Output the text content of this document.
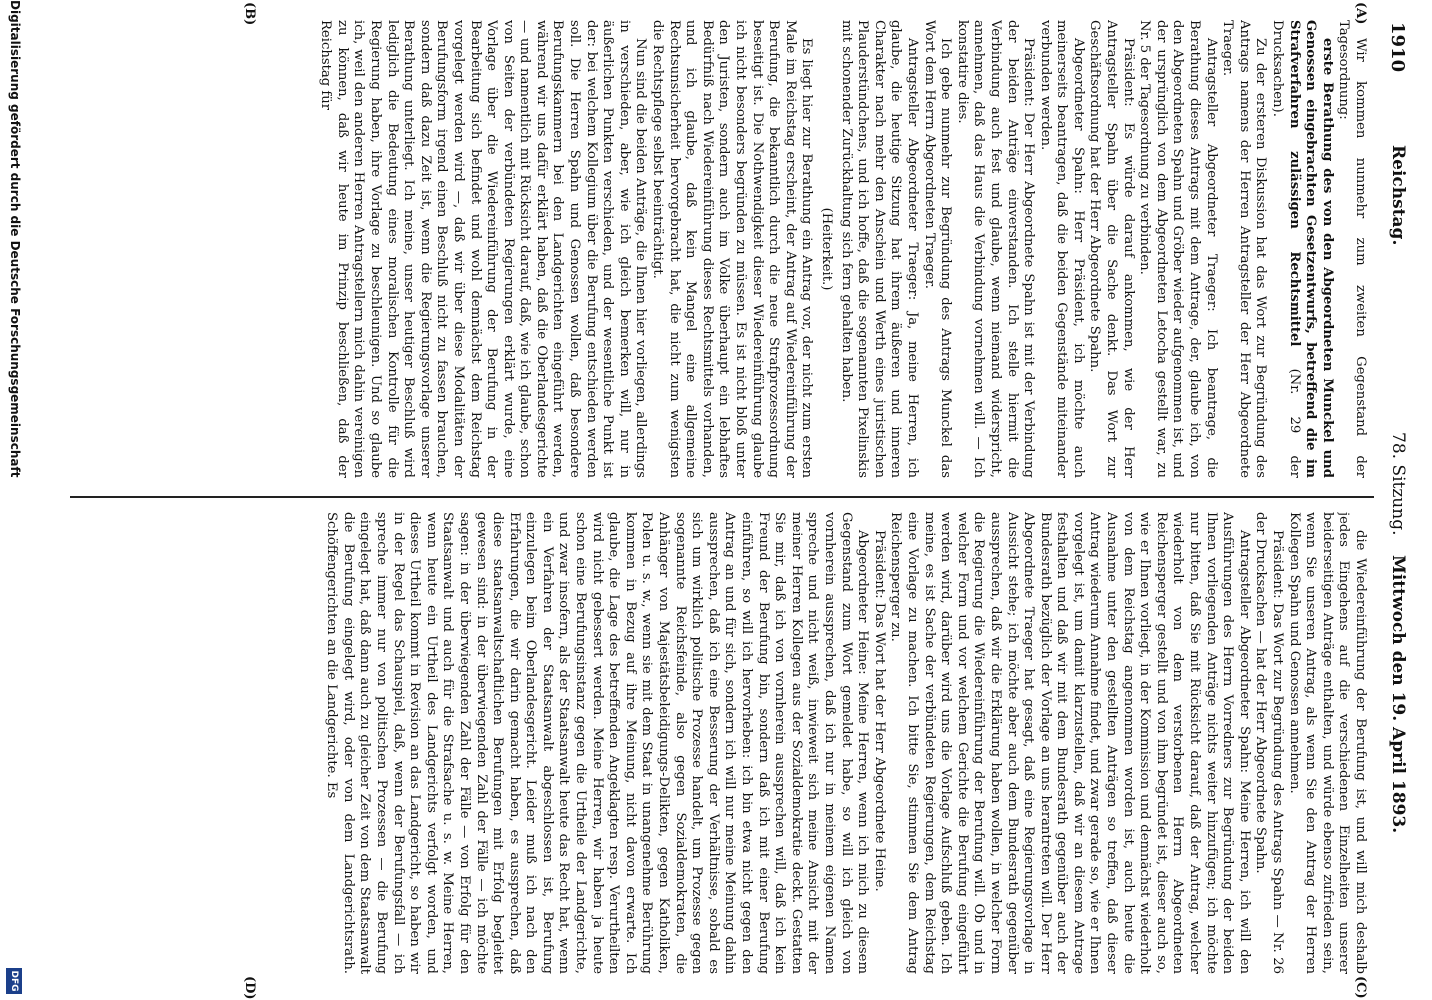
1910
Reichstag.
78. Sitzung.
Mittwoch den 19. April 1893.
(A)
(B)
(C)
(D)

Wir kommen nunmehr zum zweiten Gegenstand der Tagesordnung:

erste Berathung des von den Abgeordneten Munckel und Genossen eingebrachten Gesetzentwurfs, betreffend die im Strafverfahren zulässigen Rechtsmittel (Nr. 29 der Drucksachen).

Zu der ersteren Diskussion hat das Wort zur Begründung des Antrags namens der Herren Antragsteller der Herr Abgeordnete Traeger.

Antragsteller Abgeordneter Traeger: Ich beantrage, die Berathung dieses Antrags mit dem Antrage, der, glaube ich, von den Abgeordneten Spahn und Gröber wieder aufgenommen ist, und der ursprünglich von dem Abgeordneten Letocha gestellt war, zu Nr. 5 der Tagesordnung zu verbinden.

Präsident: Es würde darauf ankommen, wie der Herr Antragsteller Spahn über die Sache denkt. Das Wort zur Geschäftsordnung hat der Herr Abgeordnete Spahn.

Abgeordneter Spahn: Herr Präsident, ich möchte auch meinerseits beantragen, daß die beiden Gegenstände miteinander verbunden werden.

Präsident: Der Herr Abgeordnete Spahn ist mit der Verbindung der beiden Anträge einverstanden. Ich stelle hiermit die Verbindung auch fest und glaube, wenn niemand widerspricht, annehmen, daß das Haus die Verbindung vornehmen will. — Ich konstatire dies.

Ich gebe nunmehr zur Begründung des Antrags Munckel das Wort dem Herrn Abgeordneten Traeger.

Antragsteller Abgeordneter Traeger: Ja, meine Herren, ich glaube, die heutige Sitzung hat ihrem äußeren und inneren Charakter nach mehr den Anschein und Werth eines juristischen Plauderstündchens, und ich hoffe, daß die sogenannten Pixelinskis mit schonender Zurückhaltung sich fern gehalten haben.

(Heiterkeit.)

Es liegt hier zur Berathung ein Antrag vor, der nicht zum ersten Male im Reichstag erscheint, der Antrag auf Wiedereinführung der Berufung, die bekanntlich durch die neue Strafprozessordnung beseitigt ist. Die Nothwendigkeit dieser Wiedereinführung glaube ich nicht besonders begründen zu müssen. Es ist nicht bloß unter den Juristen, sondern auch im Volke überhaupt ein lebhaftes Bedürfniß nach Wiedereinführung dieses Rechtsmittels vorhanden, und ich glaube, daß kein Mangel eine allgemeine Rechtsunsicherheit hervorgebracht hat, die nicht zum wenigsten die Rechtspflege selbst beeinträchtigt.

Nun sind die beiden Anträge, die Ihnen hier vorliegen, allerdings in verschieden, aber, wie ich gleich bemerken will, nur in äußerlichen Punkten verschieden, und der wesentliche Punkt ist der: bei welchem Kollegium über die Berufung entschieden werden soll. Die Herren Spahn und Genossen wollen, daß besondere Berufungskammern bei den Landgerichten eingeführt werden, während wir uns dafür erklärt haben, daß die Oberlandesgerichte — und namentlich mit Rücksicht darauf, daß, wie ich glaube, schon von Seiten der verbündeten Regierungen erklärt wurde, eine Vorlage über die Wiedereinführung der Berufung in der Bearbeitung sich befindet und wohl demnächst dem Reichstag vorgelegt werden wird —, daß wir über diese Modalitäten der Berufungsform irgend einen Beschluß nicht zu fassen brauchen, sondern daß dazu Zeit ist, wenn die Regierungsvorlage unserer Berathung unterliegt. Ich meine, unser heutiger Beschluß wird lediglich die Bedeutung eines moralischen Kontrolle für die Regierung haben, ihre Vorlage zu beschleunigen. Und so glaube ich, weil den anderen Herren Antragstellern mich dahin vereinigen zu können, daß wir heute im Prinzip beschließen, daß der Reichstag für

die Wiedereinführung der Berufung ist, und will mich deshalb jedes Eingehens auf die verschiedenen Einzelheiten unserer beiderseitigen Anträge enthalten, und würde ebenso zufrieden sein, wenn Sie unseren Antrag, als wenn Sie den Antrag der Herren Kollegen Spahn und Genossen annehmen.

Präsident: Das Wort zur Begründung des Antrags Spahn — Nr. 26 der Drucksachen — hat der Herr Abgeordnete Spahn.

Antragsteller Abgeordneter Spahn: Meine Herren, ich will den Ausführungen des Herrn Vorredners zur Begründung der beiden Ihnen vorliegenden Anträge nichts weiter hinzufügen; ich möchte nur bitten, daß Sie mit Rücksicht darauf, daß der Antrag, welcher wiederholt von dem verstorbenen Herrn Abgeordneten Reichensperger gestellt und von ihm begründet ist, dieser auch so, wie er Ihnen vorliegt, in der Kommission und demnächst wiederholt von dem Reichstag angenommen worden ist, auch heute die Ausnahme unter den gestellten Anträgen so treffen, daß dieser Antrag wiederum Annahme findet, und zwar gerade so, wie er Ihnen vorgelegt ist, um damit klarzustellen, daß wir an diesem Antrage festhalten und daß wir mit dem Bundesrath gegenüber auch der Bundesrath bezüglich der Vorlage an uns herantreten will. Der Herr Abgeordnete Traeger hat gesagt, daß eine Regierungsvorlage in Aussicht stehe; ich möchte aber auch dem Bundesrath gegenüber aussprechen, daß wir die Erklärung haben wollen, in welcher Form die Regierung die Wiedereinführung der Berufung will. Ob und in welcher Form und vor welchem Gerichte die Berufung eingeführt werden wird, darüber wird uns die Vorlage Aufschluß geben. Ich meine, es ist Sache der verbündeten Regierungen, dem Reichstag eine Vorlage zu machen. Ich bitte Sie, stimmen Sie dem Antrag Reichensperger zu.

Präsident: Das Wort hat der Herr Abgeordnete Heine.

Abgeordneter Heine: Meine Herren, wenn ich mich zu diesem Gegenstand zum Wort gemeldet habe, so will ich gleich von vornherein aussprechen, daß ich nur in meinem eigenen Namen spreche und nicht weiß, inwieweit sich meine Ansicht mit der meiner Herren Kollegen aus der Sozialdemokratie deckt. Gestatten Sie mir, daß ich von vornherein aussprechen will, daß ich kein Freund der Berufung bin, sondern daß ich mit einer Berufung einführen, so will ich hervorheben: ich bin etwa nicht gegen den Antrag an und für sich, sondern ich will nur meine Meinung dahin aussprechen, daß ich eine Besserung der Verhältnisse, sobald es sich um wirklich politische Prozesse handelt, um Prozesse gegen sogenannte Reichsfeinde, also gegen Sozialdemokraten, die Anhänger von Majestätsbeleidigungs-Delikten, gegen Katholiken, Polen u. s. w., wenn sie mit dem Staat in unangenehme Berührung kommen in Bezug auf ihre Meinung, nicht davon erwarte. Ich glaube, die Lage des betreffenden Angeklagten resp. Verurtheilten wird nicht gebessert werden. Meine Herren, wir haben ja heute schon eine Berufungsinstanz gegen die Urtheile der Landgerichte, und zwar insofern, als der Staatsanwalt heute das Recht hat, wenn ein Verfahren der Staatsanwalt abgeschlossen ist, Berufung einzulegen beim Oberlandesgericht. Leider muß ich nach den Erfahrungen, die wir darin gemacht haben, es aussprechen, daß diese staatsanwaltschaftlichen Berufungen mit Erfolg begleitet gewesen sind: in der überwiegenden Zahl der Fälle — ich möchte sagen: in der überwiegenden Zahl der Fälle — von Erfolg für den Staatsanwalt und auch für die Strafsache u. s. w. Meine Herren, wenn heute ein Urtheil des Landgerichts verfolgt worden, und dieses Urtheil kommt in Revision an das Landgericht, so haben wir in der Regel das Schauspiel, daß, wenn der Berufungsfall — ich spreche immer nur von politischen Prozessen — die Berufung eingelegt hat, daß dann auch zu gleicher Zeit von dem Staatsanwalt die Berufung eingelegt wird, oder von dem Landgerichtsrath. Schöffengerichten an die Landgerichte. Es

Digitalisierung gefördert durch die Deutsche Forschungsgemeinschaft
DFG
